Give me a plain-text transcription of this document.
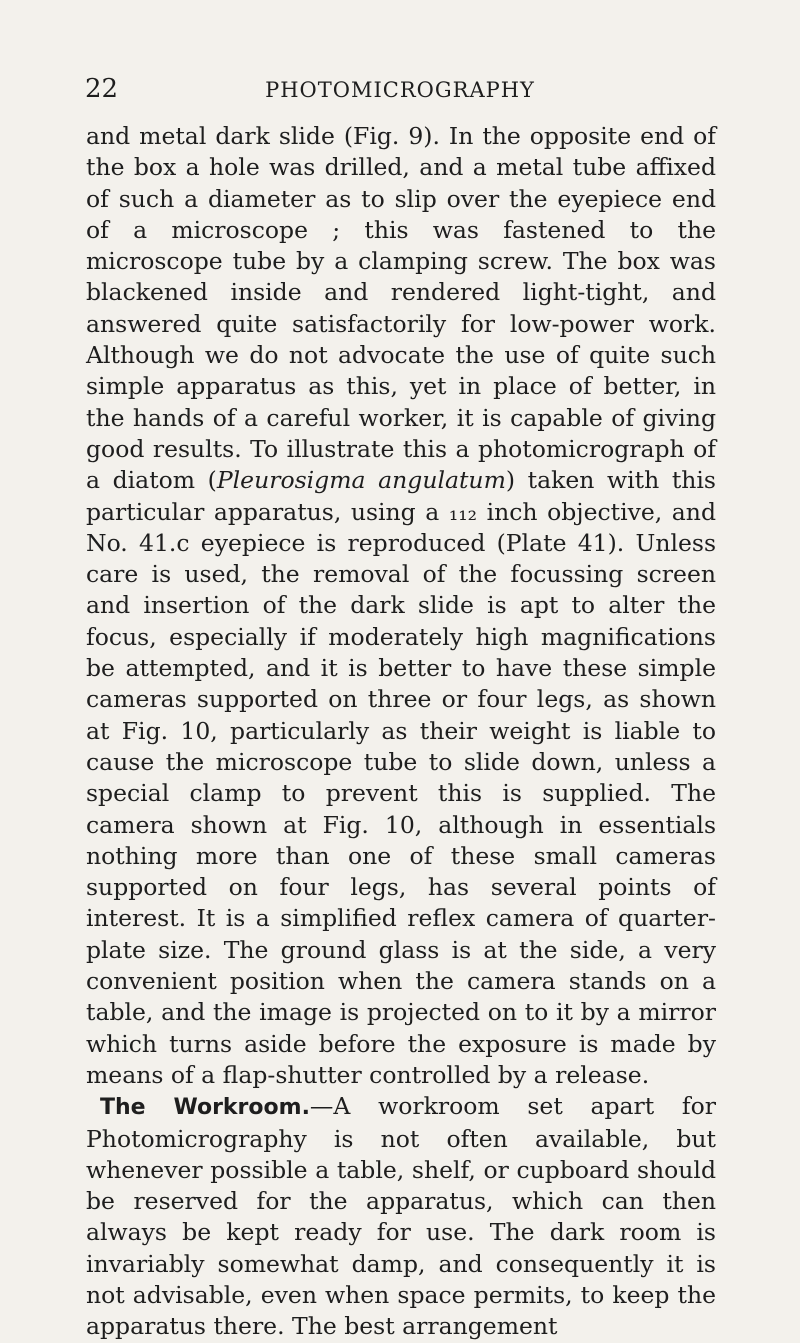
22	PHOTOMICROGRAPHY

and metal dark slide (Fig. 9). In the opposite end of the box a hole was drilled, and a metal tube affixed of such a diameter as to slip over the eyepiece end of a microscope ; this was fastened to the microscope tube by a clamping screw. The box was blackened inside and rendered light-tight, and answered quite satisfactorily for low-power work. Although we do not advocate the use of quite such simple apparatus as this, yet in place of better, in the hands of a careful worker, it is capable of giving good results. To illustrate this a photomicrograph of a diatom (Pleurosigma angulatum) taken with this particular apparatus, using a ₁₁₂ inch objective, and No. 41.c eyepiece is reproduced (Plate 41). Unless care is used, the removal of the focussing screen and insertion of the dark slide is apt to alter the focus, especially if moderately high magnifications be attempted, and it is better to have these simple cameras supported on three or four legs, as shown at Fig. 10, particularly as their weight is liable to cause the microscope tube to slide down, unless a special clamp to prevent this is supplied. The camera shown at Fig. 10, although in essentials nothing more than one of these small cameras supported on four legs, has several points of interest. It is a simplified reflex camera of quarter-plate size. The ground glass is at the side, a very convenient position when the camera stands on a table, and the image is projected on to it by a mirror which turns aside before the exposure is made by means of a flap-shutter controlled by a release.

The Workroom.—A workroom set apart for Photomicrography is not often available, but whenever possible a table, shelf, or cupboard should be reserved for the apparatus, which can then always be kept ready for use. The dark room is invariably somewhat damp, and consequently it is not advisable, even when space permits, to keep the apparatus there. The best arrangement
